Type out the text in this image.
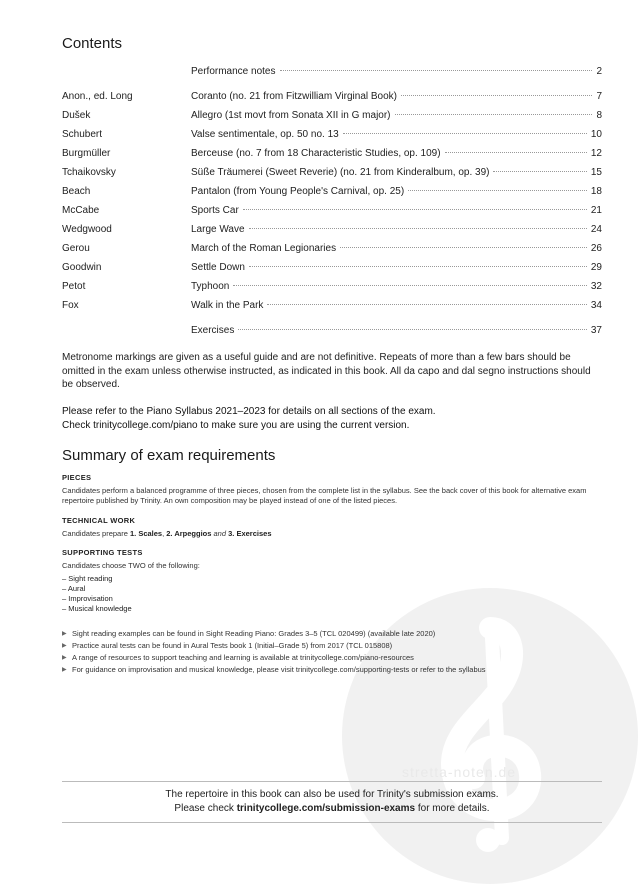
Contents
Performance notes	2
Anon., ed. Long	Coranto (no. 21 from Fitzwilliam Virginal Book)	7
Dušek	Allegro (1st movt from Sonata XII in G major)	8
Schubert	Valse sentimentale, op. 50 no. 13	10
Burgmüller	Berceuse (no. 7 from 18 Characteristic Studies, op. 109)	12
Tchaikovsky	Süße Träumerei (Sweet Reverie) (no. 21 from Kinderalbum, op. 39)	15
Beach	Pantalon (from Young People's Carnival, op. 25)	18
McCabe	Sports Car	21
Wedgwood	Large Wave	24
Gerou	March of the Roman Legionaries	26
Goodwin	Settle Down	29
Petot	Typhoon	32
Fox	Walk in the Park	34
Exercises	37

Metronome markings are given as a useful guide and are not definitive. Repeats of more than a few bars should be omitted in the exam unless otherwise instructed, as indicated in this book. All da capo and dal segno instructions should be observed.

Please refer to the Piano Syllabus 2021–2023 for details on all sections of the exam.
Check trinitycollege.com/piano to make sure you are using the current version.

Summary of exam requirements

PIECES

Candidates perform a balanced programme of three pieces, chosen from the complete list in the syllabus. See the back cover of this book for alternative exam repertoire published by Trinity. An own composition may be played instead of one of the listed pieces.

TECHNICAL WORK

Candidates prepare 1. Scales, 2. Arpeggios and 3. Exercises

SUPPORTING TESTS

Candidates choose TWO of the following:

– Sight reading
– Aural
– Improvisation
– Musical knowledge
stretta-noten.de
▶ Sight reading examples can be found in Sight Reading Piano: Grades 3–5 (TCL 020499) (available late 2020)
▶ Practice aural tests can be found in Aural Tests book 1 (Initial–Grade 5) from 2017 (TCL 015808)
▶ A range of resources to support teaching and learning is available at trinitycollege.com/piano-resources
▶ For guidance on improvisation and musical knowledge, please visit trinitycollege.com/supporting-tests or refer to the syllabus
The repertoire in this book can also be used for Trinity's submission exams.
Please check trinitycollege.com/submission-exams for more details.
